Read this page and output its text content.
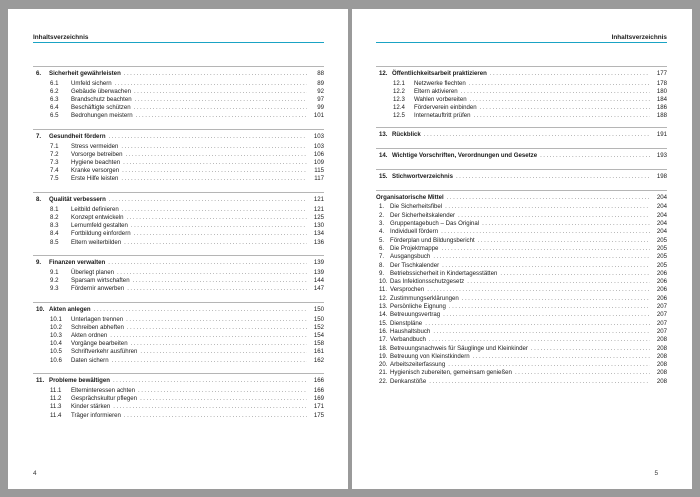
Inhaltsverzeichnis
6.	Sicherheit gewährleisten .....	88
6.1	Umfeld sichern .....	89
6.2	Gebäude überwachen .....	92
6.3	Brandschutz beachten .....	97
6.4	Beschäftigte schützen .....	99
6.5	Bedrohungen meistern .....	101
7.	Gesundheit fördern .....	103
7.1	Stress vermeiden .....	103
7.2	Vorsorge betreiben .....	106
7.3	Hygiene beachten .....	109
7.4	Kranke versorgen .....	115
7.5	Erste Hilfe leisten .....	117
8.	Qualität verbessern .....	121
8.1	Leitbild definieren .....	121
8.2	Konzept entwickeln .....	125
8.3	Lernumfeld gestalten .....	130
8.4	Fortbildung einfordern .....	134
8.5	Eltern weiterbilden .....	136
9.	Finanzen verwalten .....	139
9.1	Überlegt planen .....	139
9.2	Sparsam wirtschaften .....	144
9.3	Fördernir anwerben .....	147
10. Akten anlegen .....	150
10.1	Unterlagen trennen .....	150
10.2	Schreiben abheften .....	152
10.3	Akten ordnen .....	154
10.4	Vorgänge bearbeiten .....	158
10.5	Schriftverkehr ausführen .....	161
10.6	Daten sichern .....	162
11. Probleme bewältigen .....	166
11.1	Elterninteressen achten .....	166
11.2	Gesprächskultur pflegen .....	169
11.3	Kinder stärken .....	171
11.4	Träger informieren .....	175
4
Inhaltsverzeichnis
12. Öffentlichkeitsarbeit praktizieren .....	177
12.1	Netzwerke flechten .....	178
12.2	Eltern aktivieren .....	180
12.3	Wahlen vorbereiten .....	184
12.4	Förderverein einbinden .....	186
12.5	Internetauftritt prüfen .....	188
13. Rückblick .....	191
14. Wichtige Vorschriften, Verordnungen und Gesetze .....	193
15. Stichwortverzeichnis .....	198
Organisatorische Mittel .....	204
1. Die Sicherheitsfibel .....	204
2. Der Sicherheitskalender .....	204
3. Gruppentagebuch – Das Original .....	204
4. Individuell fördern .....	204
5. Förderplan und Bildungsbericht .....	205
6. Die Projektmappe .....	205
7. Ausgangsbuch .....	205
8. Der Tischkalender .....	205
9. Betriebssicherheit in Kindertagesstätten .....	206
10. Das Infektionsschutzgesetz .....	206
11. Versprochen .....	206
12. Zustimmungserklärungen .....	206
13. Persönliche Eignung .....	207
14. Betreuungsvertrag .....	207
15. Dienstpläne .....	207
16. Haushaltsbuch .....	207
17. Verbandbuch .....	208
18. Betreuungsnachweis für Säuglinge und Kleinkinder .....	208
19. Betreuung von Kleinstkindern .....	208
20. Arbeitszeiterfassung .....	208
21. Hygienisch zubereiten, gemeinsam genießen .....	208
22. Denkanstöße .....	208
5
